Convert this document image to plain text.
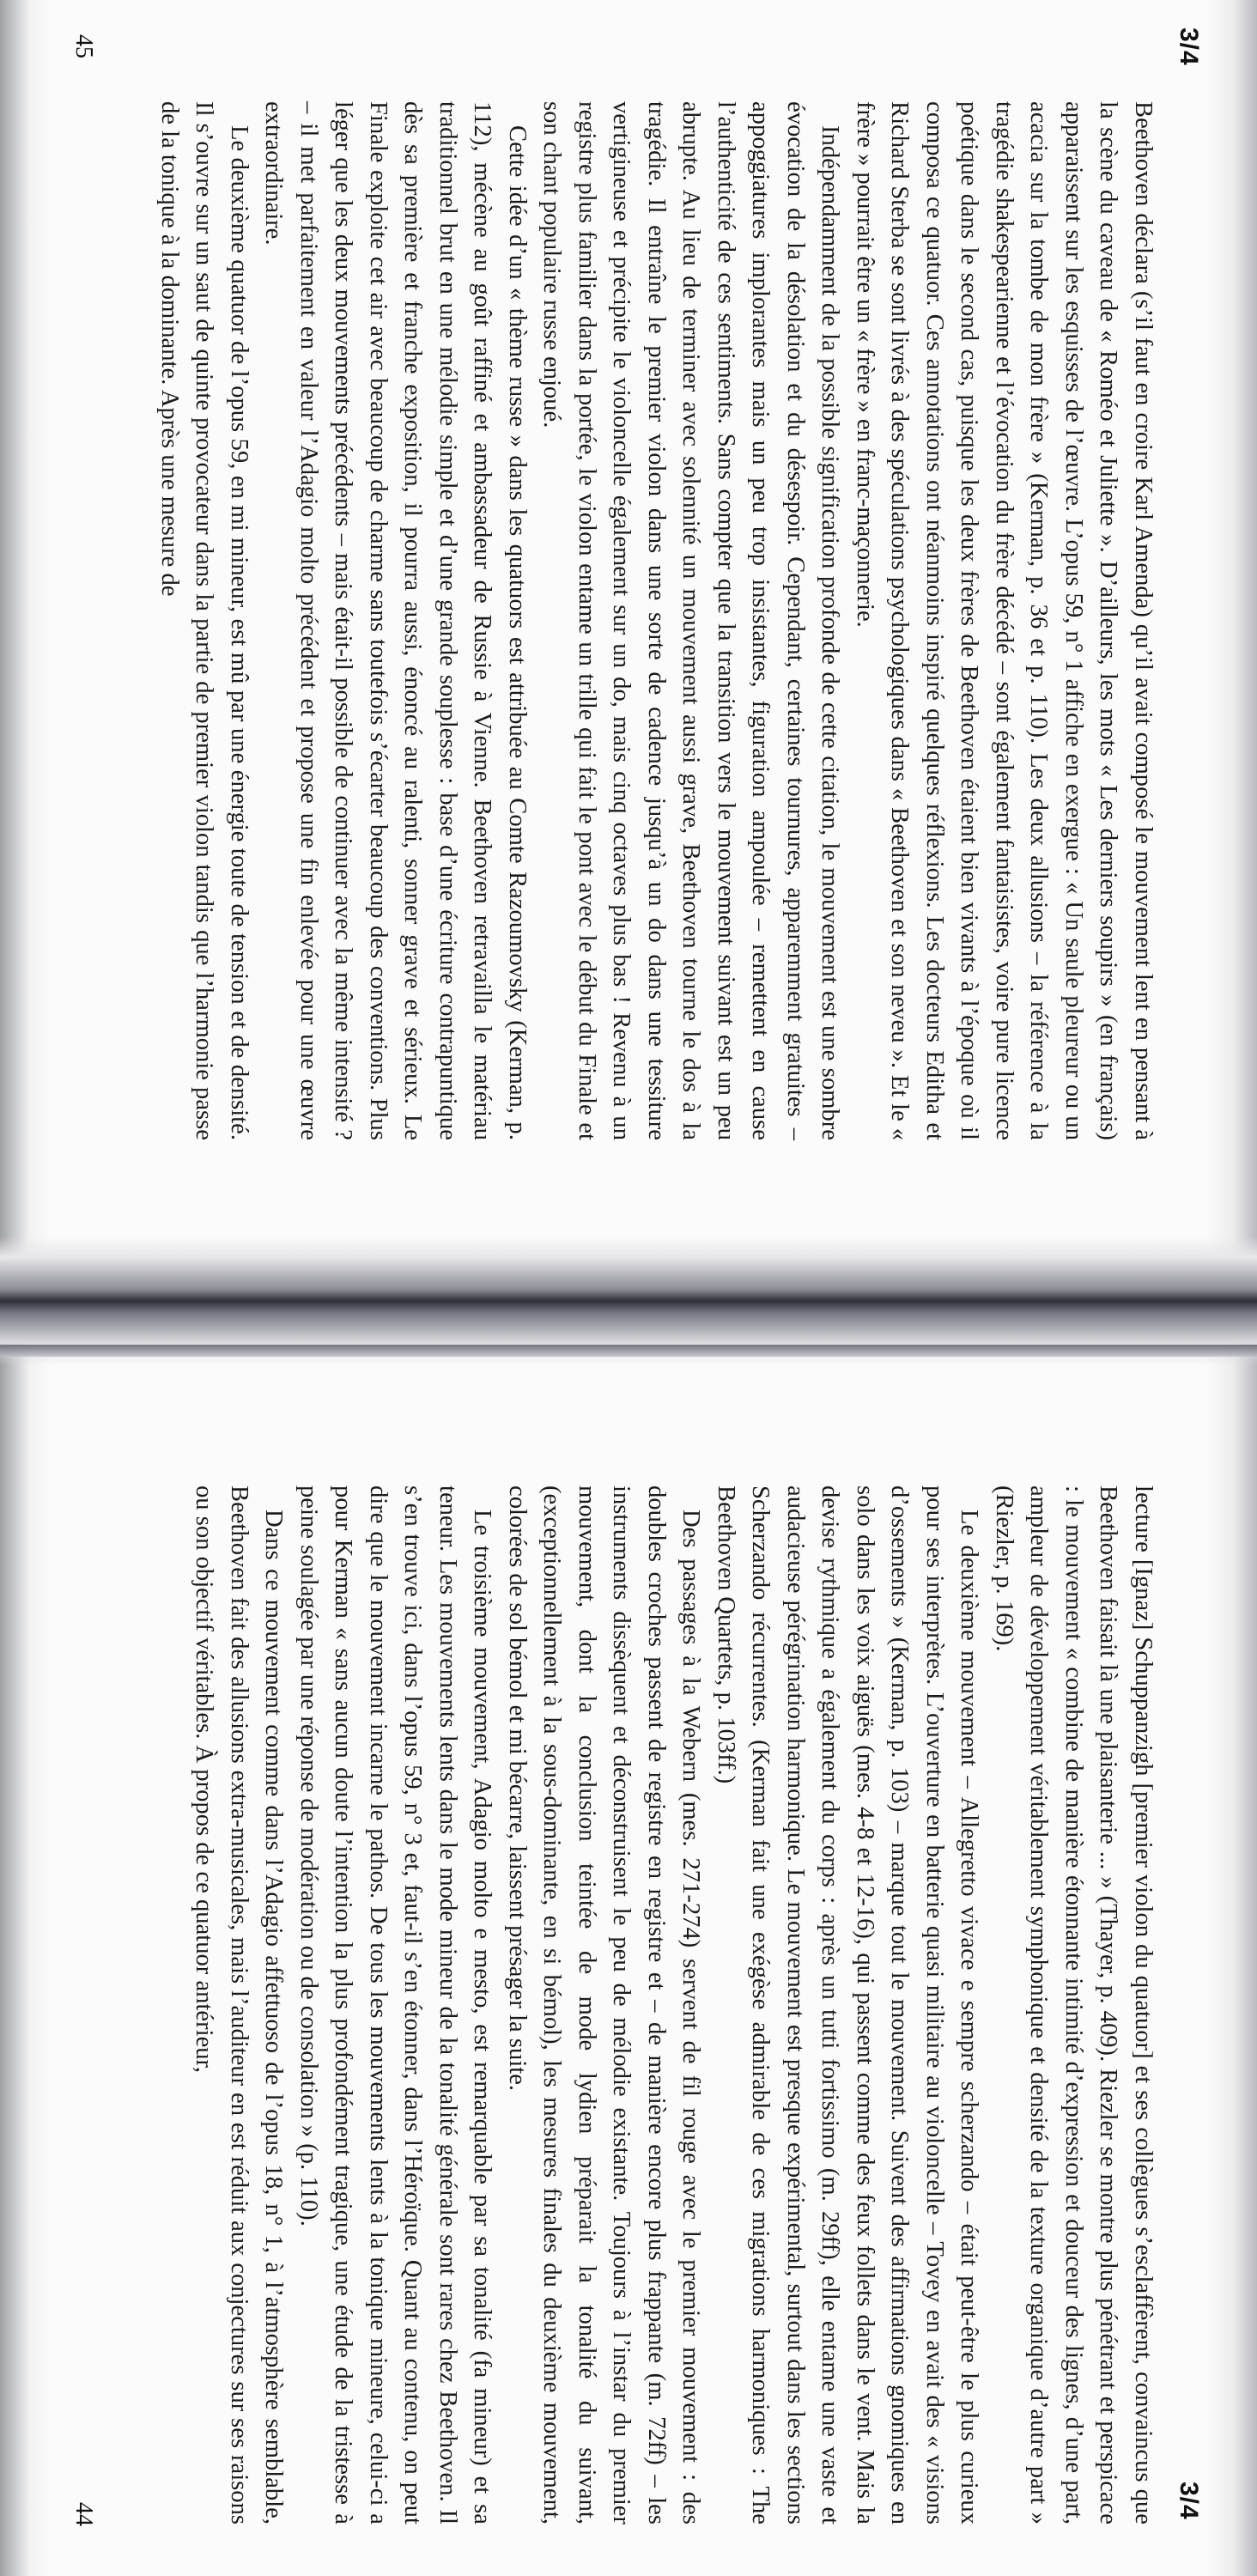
3/4

Beethoven déclara (s’il faut en croire Karl Amenda) qu’il avait composé le mouvement lent en pensant à la scène du caveau de « Roméo et Juliette ». D’ailleurs, les mots « Les derniers soupirs » (en français) apparaissent sur les esquisses de l’œuvre. L’opus 59, n° 1 affiche en exergue : « Un saule pleureur ou un acacia sur la tombe de mon frère » (Kerman, p. 36 et p. 110). Les deux allusions – la référence à la tragédie shakespearienne et l’évocation du frère décédé – sont également fantaisistes, voire pure licence poétique dans le second cas, puisque les deux frères de Beethoven étaient bien vivants à l’époque où il composa ce quatuor. Ces annotations ont néanmoins inspiré quelques réflexions. Les docteurs Editha et Richard Sterba se sont livrés à des spéculations psychologiques dans « Beethoven et son neveu ». Et le « frère » pourrait être un « frère » en franc-maçonnerie.

Indépendamment de la possible signification profonde de cette citation, le mouvement est une sombre évocation de la désolation et du désespoir. Cependant, certaines tournures, apparemment gratuites – appoggiatures implorantes mais un peu trop insistantes, figuration ampoulée – remettent en cause l’authenticité de ces sentiments. Sans compter que la transition vers le mouvement suivant est un peu abrupte. Au lieu de terminer avec solennité un mouvement aussi grave, Beethoven tourne le dos à la tragédie. Il entraîne le premier violon dans une sorte de cadence jusqu’à un do dans une tessiture vertigineuse et précipite le violoncelle également sur un do, mais cinq octaves plus bas ! Revenu à un registre plus familier dans la portée, le violon entame un trille qui fait le pont avec le début du Finale et son chant populaire russe enjoué.

Cette idée d’un « thème russe » dans les quatuors est attribuée au Comte Razoumovsky (Kerman, p. 112), mécène au goût raffiné et ambassadeur de Russie à Vienne. Beethoven retravailla le matériau traditionnel brut en une mélodie simple et d’une grande souplesse : base d’une écriture contrapuntique dès sa première et franche exposition, il pourra aussi, énoncé au ralenti, sonner grave et sérieux. Le Finale exploite cet air avec beaucoup de charme sans toutefois s’écarter beaucoup des conventions. Plus léger que les deux mouvements précédents – mais était-il possible de continuer avec la même intensité ? – il met parfaitement en valeur l’Adagio molto précédent et propose une fin enlevée pour une œuvre extraordinaire.

Le deuxième quatuor de l’opus 59, en mi mineur, est mû par une énergie toute de tension et de densité. Il s’ouvre sur un saut de quinte provocateur dans la partie de premier violon tandis que l’harmonie passe de la tonique à la dominante. Après une mesure de

45
3/4

lecture [Ignaz] Schuppanzigh [premier violon du quatuor] et ses collègues s’esclaffèrent, convaincus que Beethoven faisait là une plaisanterie ... » (Thayer, p. 409). Riezler se montre plus pénétrant et perspicace : le mouvement « combine de manière étonnante intimité d’expression et douceur des lignes, d’une part, ampleur de développement véritablement symphonique et densité de la texture organique d’autre part » (Riezler, p. 169).

Le deuxième mouvement – Allegretto vivace e sempre scherzando – était peut-être le plus curieux pour ses interprètes. L’ouverture en batterie quasi militaire au violoncelle – Tovey en avait des « visions d’ossements » (Kerman, p. 103) – marque tout le mouvement. Suivent des affirmations gnomiques en solo dans les voix aiguës (mes. 4-8 et 12-16), qui passent comme des feux follets dans le vent. Mais la devise rythmique a également du corps : après un tutti fortissimo (m. 29ff), elle entame une vaste et audacieuse pérégrination harmonique. Le mouvement est presque expérimental, surtout dans les sections Scherzando récurrentes. (Kerman fait une exégèse admirable de ces migrations harmoniques : The Beethoven Quartets, p. 103ff.)

Des passages à la Webern (mes. 271-274) servent de fil rouge avec le premier mouvement : des doubles croches passent de registre en registre et – de manière encore plus frappante (m. 72ff) – les instruments dissèquent et déconstruisent le peu de mélodie existante. Toujours à l’instar du premier mouvement, dont la conclusion teintée de mode lydien préparait la tonalité du suivant, (exceptionnellement à la sous-dominante, en si bémol), les mesures finales du deuxième mouvement, colorées de sol bémol et mi bécarre, laissent présager la suite.

Le troisième mouvement, Adagio molto e mesto, est remarquable par sa tonalité (fa mineur) et sa teneur. Les mouvements lents dans le mode mineur de la tonalité générale sont rares chez Beethoven. Il s’en trouve ici, dans l’opus 59, n° 3 et, faut-il s’en étonner, dans l’Héroïque. Quant au contenu, on peut dire que le mouvement incarne le pathos. De tous les mouvements lents à la tonique mineure, celui-ci a pour Kerman « sans aucun doute l’intention la plus profondément tragique, une étude de la tristesse à peine soulagée par une réponse de modération ou de consolation » (p. 110).

Dans ce mouvement comme dans l’Adagio affettuoso de l’opus 18, n° 1, à l’atmosphère semblable, Beethoven fait des allusions extra-musicales, mais l’auditeur en est réduit aux conjectures sur ses raisons ou son objectif véritables. À propos de ce quatuor antérieur,

44
